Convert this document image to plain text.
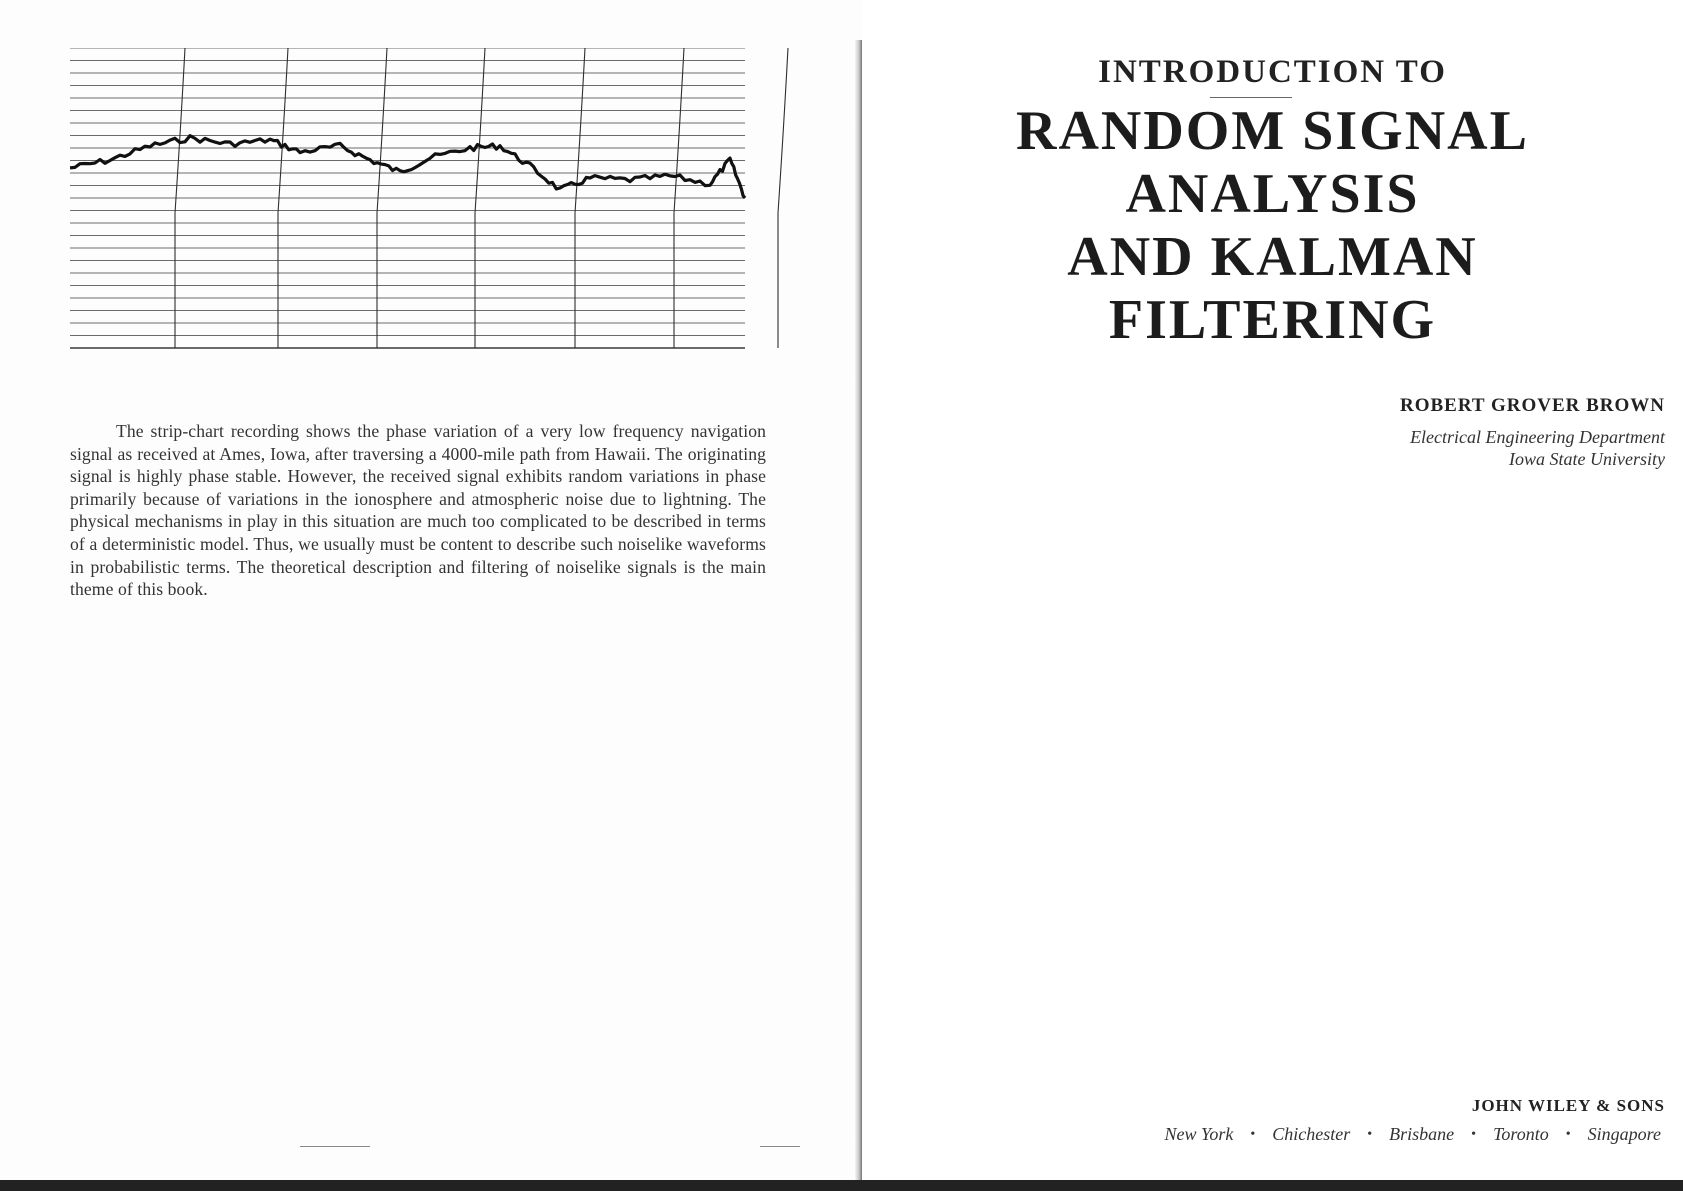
The strip-chart recording shows the phase variation of a very low frequency navigation signal as received at Ames, Iowa, after traversing a 4000-mile path from Hawaii. The originating signal is highly phase stable. However, the received signal exhibits random variations in phase primarily because of variations in the ionosphere and atmospheric noise due to lightning. The physical mechanisms in play in this situation are much too complicated to be described in terms of a deterministic model. Thus, we usually must be content to describe such noiselike waveforms in probabilistic terms. The theoretical description and filtering of noiselike signals is the main theme of this book.

INTRODUCTION TO
RANDOM SIGNAL
ANALYSIS
AND KALMAN
FILTERING
ROBERT GROVER BROWN
Electrical Engineering Department
Iowa State University
JOHN WILEY & SONS
New York • Chichester • Brisbane • Toronto • Singapore
